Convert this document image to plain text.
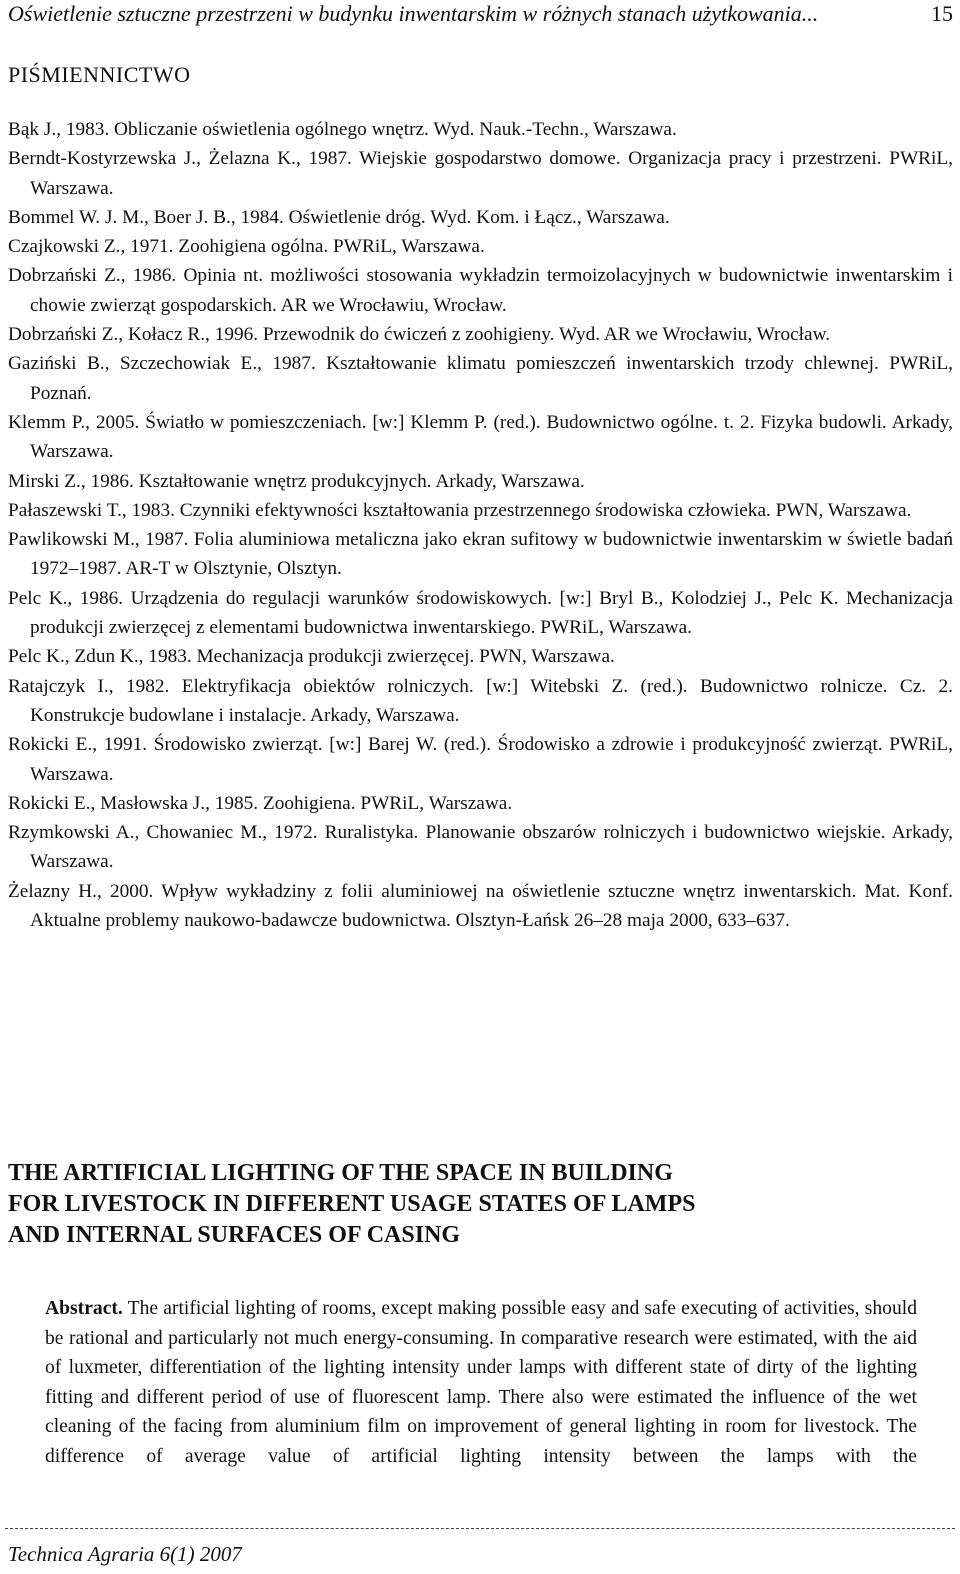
Oświetlenie sztuczne przestrzeni w budynku inwentarskim w różnych stanach użytkowania...	15
PIŚMIENNICTWO
Bąk J., 1983. Obliczanie oświetlenia ogólnego wnętrz. Wyd. Nauk.-Techn., Warszawa.
Berndt-Kostyrzewska J., Żelazna K., 1987. Wiejskie gospodarstwo domowe. Organizacja pracy i przestrzeni. PWRiL, Warszawa.
Bommel W. J. M., Boer J. B., 1984. Oświetlenie dróg. Wyd. Kom. i Łącz., Warszawa.
Czajkowski Z., 1971. Zoohigiena ogólna. PWRiL, Warszawa.
Dobrzański Z., 1986. Opinia nt. możliwości stosowania wykładzin termoizolacyjnych w budownictwie inwentarskim i chowie zwierząt gospodarskich. AR we Wrocławiu, Wrocław.
Dobrzański Z., Kołacz R., 1996. Przewodnik do ćwiczeń z zoohigieny. Wyd. AR we Wrocławiu, Wrocław.
Gaziński B., Szczechowiak E., 1987. Kształtowanie klimatu pomieszczeń inwentarskich trzody chlewnej. PWRiL, Poznań.
Klemm P., 2005. Światło w pomieszczeniach. [w:] Klemm P. (red.). Budownictwo ogólne. t. 2. Fizyka budowli. Arkady, Warszawa.
Mirski Z., 1986. Kształtowanie wnętrz produkcyjnych. Arkady, Warszawa.
Pałaszewski T., 1983. Czynniki efektywności kształtowania przestrzennego środowiska człowieka. PWN, Warszawa.
Pawlikowski M., 1987. Folia aluminiowa metaliczna jako ekran sufitowy w budownictwie inwentarskim w świetle badań 1972–1987. AR-T w Olsztynie, Olsztyn.
Pelc K., 1986. Urządzenia do regulacji warunków środowiskowych. [w:] Bryl B., Kolodziej J., Pelc K. Mechanizacja produkcji zwierzęcej z elementami budownictwa inwentarskiego. PWRiL, Warszawa.
Pelc K., Zdun K., 1983. Mechanizacja produkcji zwierzęcej. PWN, Warszawa.
Ratajczyk I., 1982. Elektryfikacja obiektów rolniczych. [w:] Witebski Z. (red.). Budownictwo rolnicze. Cz. 2. Konstrukcje budowlane i instalacje. Arkady, Warszawa.
Rokicki E., 1991. Środowisko zwierząt. [w:] Barej W. (red.). Środowisko a zdrowie i produkcyjność zwierząt. PWRiL, Warszawa.
Rokicki E., Masłowska J., 1985. Zoohigiena. PWRiL, Warszawa.
Rzymkowski A., Chowaniec M., 1972. Ruralistyka. Planowanie obszarów rolniczych i budownictwo wiejskie. Arkady, Warszawa.
Żelazny H., 2000. Wpływ wykładziny z folii aluminiowej na oświetlenie sztuczne wnętrz inwentarskich. Mat. Konf. Aktualne problemy naukowo-badawcze budownictwa. Olsztyn-Łańsk 26–28 maja 2000, 633–637.
THE ARTIFICIAL LIGHTING OF THE SPACE IN BUILDING
FOR LIVESTOCK IN DIFFERENT USAGE STATES OF LAMPS
AND INTERNAL SURFACES OF CASING
Abstract. The artificial lighting of rooms, except making possible easy and safe executing of activities, should be rational and particularly not much energy-consuming. In comparative research were estimated, with the aid of luxmeter, differentiation of the lighting intensity under lamps with different state of dirty of the lighting fitting and different period of use of fluorescent lamp. There also were estimated the influence of the wet cleaning of the facing from aluminium film on improvement of general lighting in room for livestock. The difference of average value of artificial lighting intensity between the lamps with the
Technica Agraria 6(1) 2007
